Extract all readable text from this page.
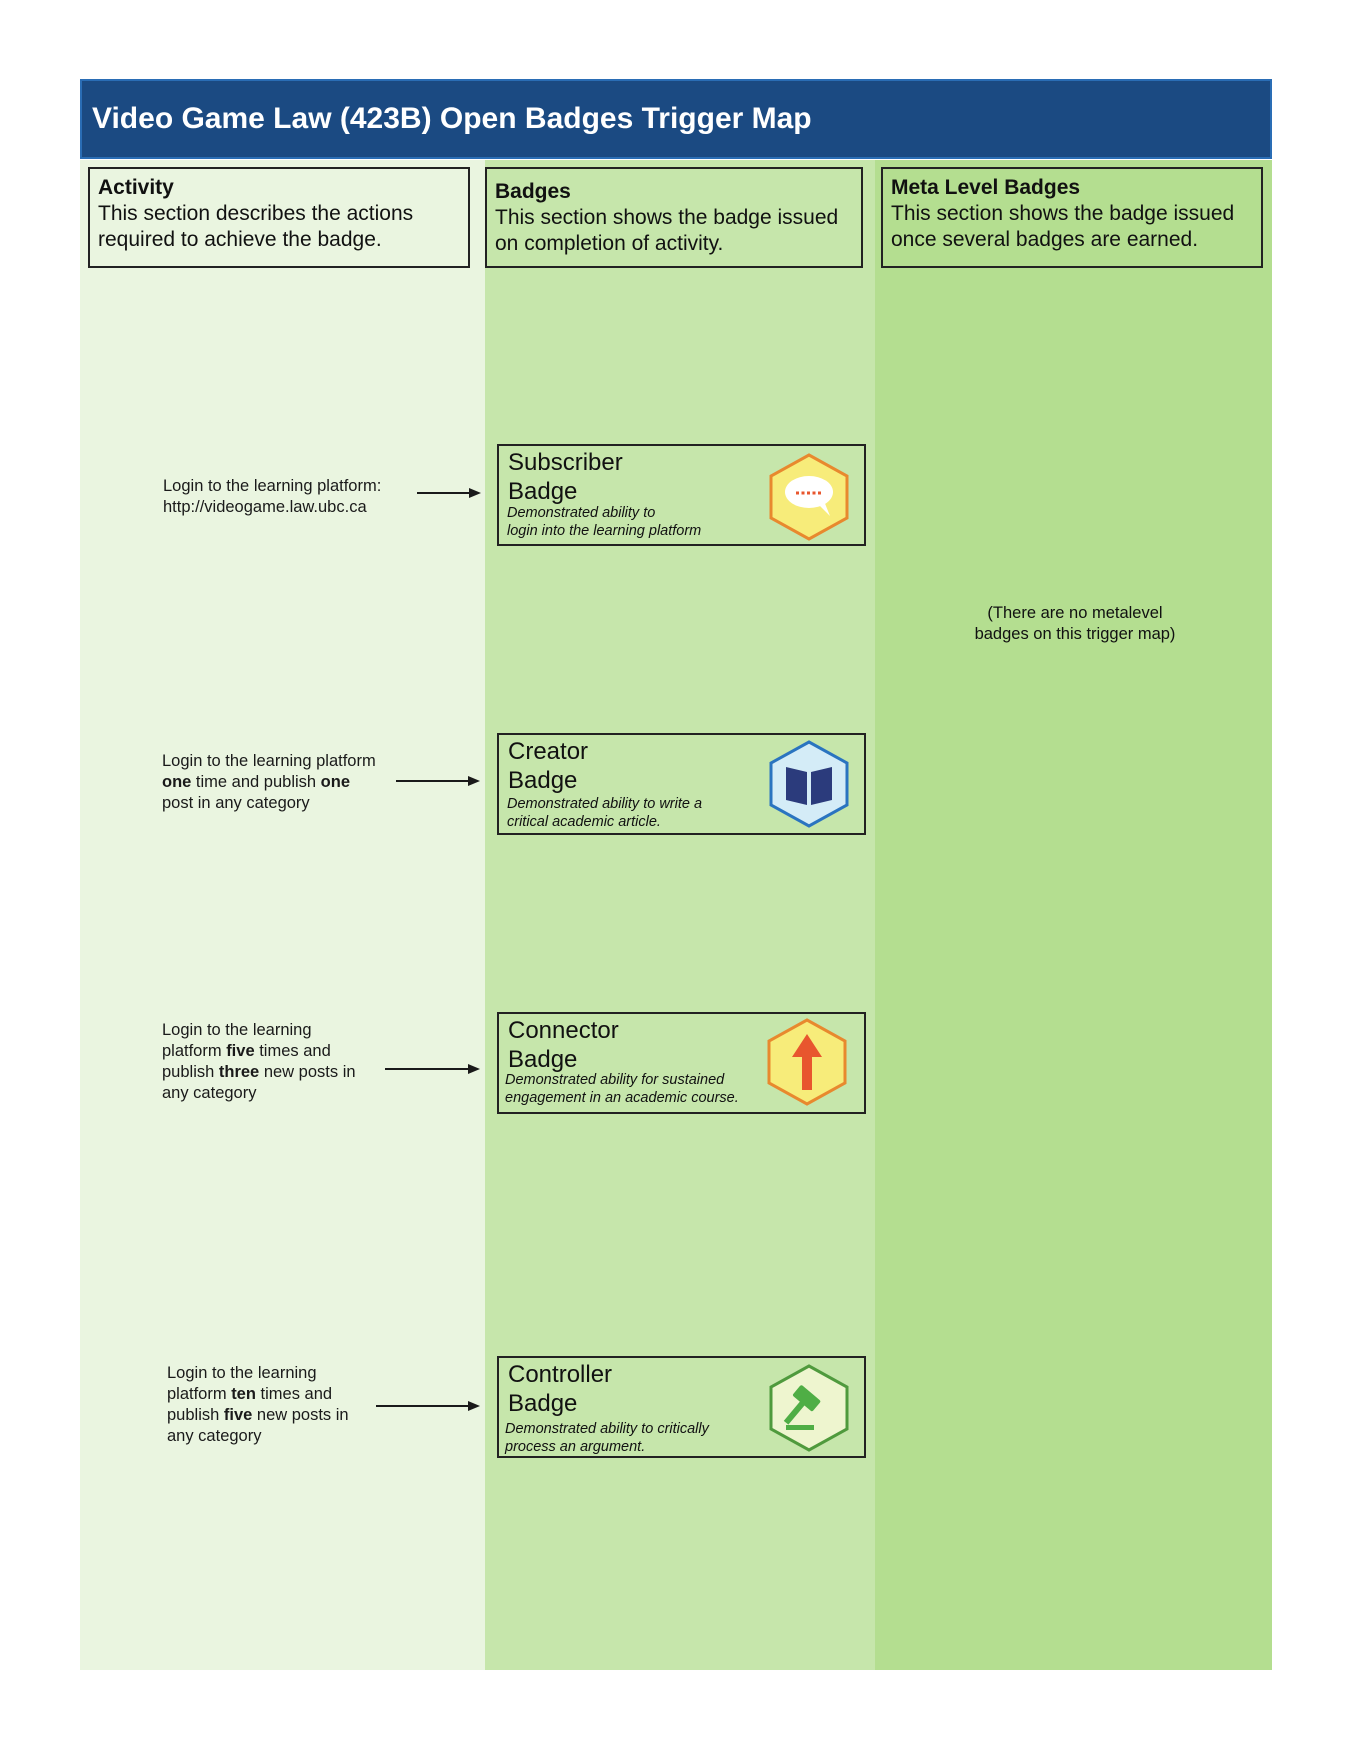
Video Game Law (423B) Open Badges Trigger Map
Activity
This section describes the actions required to achieve the badge.
Badges
This section shows the badge issued on completion of activity.
Meta Level Badges
This section shows the badge issued once several badges are earned.
Login to the learning platform:
http://videogame.law.ubc.ca
Login to the learning platform
one time and publish one
post in any category
Login to the learning
platform five times and
publish three new posts in
any category
Login to the learning
platform ten times and
publish five new posts in
any category
Subscriber
Badge
Demonstrated ability to
login into the learning platform
Creator
Badge
Demonstrated ability to write a
critical academic article.
Connector
Badge
Demonstrated ability for sustained
engagement in an academic course.
Controller
Badge
Demonstrated ability to critically
process an argument.
(There are no metalevel
badges on this trigger map)
